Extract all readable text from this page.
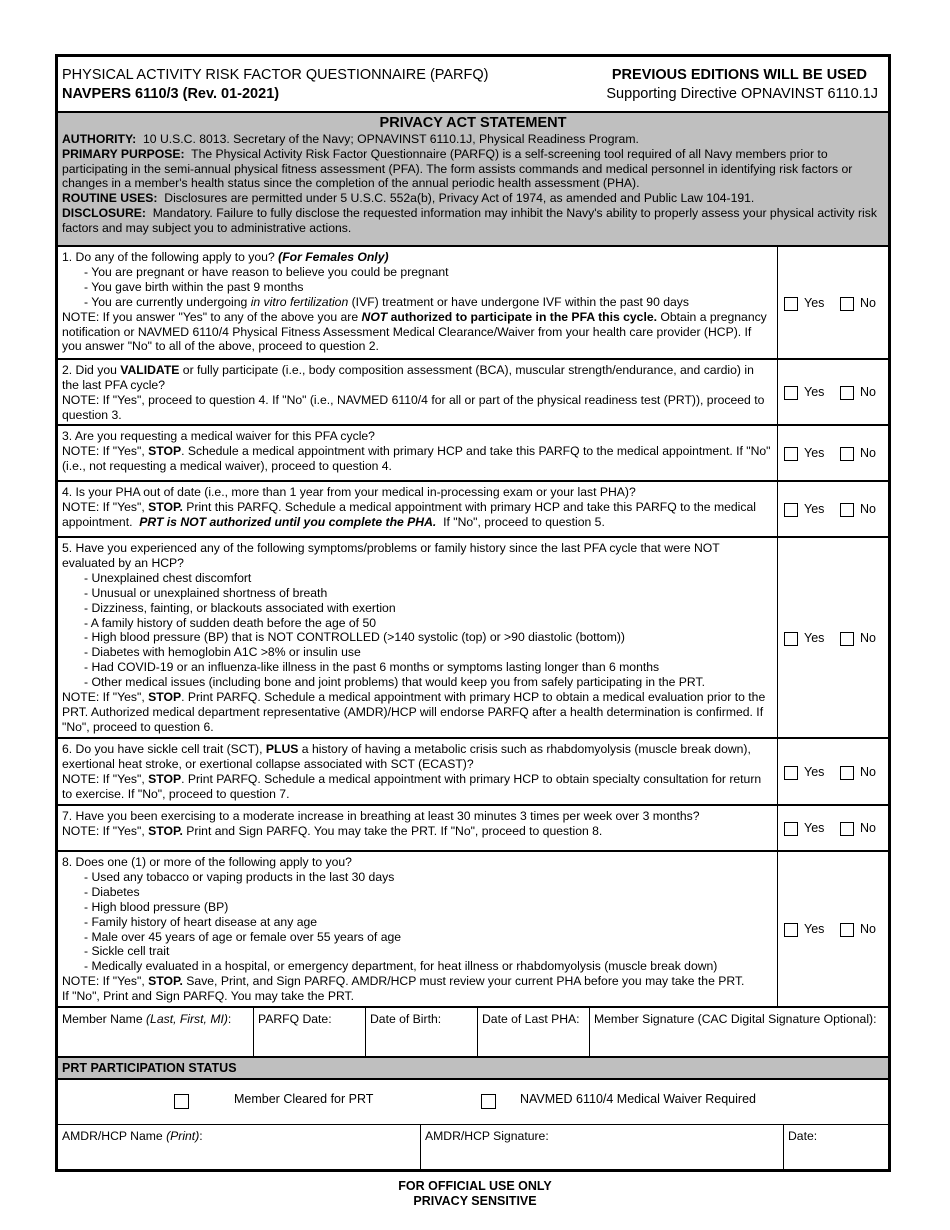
PHYSICAL ACTIVITY RISK FACTOR QUESTIONNAIRE (PARFQ)
NAVPERS 6110/3 (Rev. 01-2021)
PREVIOUS EDITIONS WILL BE USED
Supporting Directive OPNAVINST 6110.1J
PRIVACY ACT STATEMENT

AUTHORITY: 10 U.S.C. 8013. Secretary of the Navy; OPNAVINST 6110.1J, Physical Readiness Program.

PRIMARY PURPOSE: The Physical Activity Risk Factor Questionnaire (PARFQ) is a self-screening tool required of all Navy members prior to participating in the semi-annual physical fitness assessment (PFA). The form assists commands and medical personnel in identifying risk factors or changes in a member's health status since the completion of the annual periodic health assessment (PHA).

ROUTINE USES: Disclosures are permitted under 5 U.S.C. 552a(b), Privacy Act of 1974, as amended and Public Law 104-191.

DISCLOSURE: Mandatory. Failure to fully disclose the requested information may inhibit the Navy's ability to properly assess your physical activity risk factors and may subject you to administrative actions.

1. Do any of the following apply to you? (For Females Only)

- You are pregnant or have reason to believe you could be pregnant

- You gave birth within the past 9 months

- You are currently undergoing in vitro fertilization (IVF) treatment or have undergone IVF within the past 90 days

NOTE: If you answer "Yes" to any of the above you are NOT authorized to participate in the PFA this cycle. Obtain a pregnancy notification or NAVMED 6110/4 Physical Fitness Assessment Medical Clearance/Waiver from your health care provider (HCP). If you answer "No" to all of the above, proceed to question 2.

Yes	No

2. Did you VALIDATE or fully participate (i.e., body composition assessment (BCA), muscular strength/endurance, and cardio) in the last PFA cycle?

NOTE: If "Yes", proceed to question 4. If "No" (i.e., NAVMED 6110/4 for all or part of the physical readiness test (PRT)), proceed to question 3.

Yes	No

3. Are you requesting a medical waiver for this PFA cycle?

NOTE: If "Yes", STOP. Schedule a medical appointment with primary HCP and take this PARFQ to the medical appointment. If "No" (i.e., not requesting a medical waiver), proceed to question 4.

Yes	No

4. Is your PHA out of date (i.e., more than 1 year from your medical in-processing exam or your last PHA)?

NOTE: If "Yes", STOP. Print this PARFQ. Schedule a medical appointment with primary HCP and take this PARFQ to the medical appointment. PRT is NOT authorized until you complete the PHA. If "No", proceed to question 5.

Yes	No

5. Have you experienced any of the following symptoms/problems or family history since the last PFA cycle that were NOT evaluated by an HCP?

- Unexplained chest discomfort

- Unusual or unexplained shortness of breath

- Dizziness, fainting, or blackouts associated with exertion

- A family history of sudden death before the age of 50

- High blood pressure (BP) that is NOT CONTROLLED (>140 systolic (top) or >90 diastolic (bottom))

- Diabetes with hemoglobin A1C >8% or insulin use

- Had COVID-19 or an influenza-like illness in the past 6 months or symptoms lasting longer than 6 months

- Other medical issues (including bone and joint problems) that would keep you from safely participating in the PRT.

NOTE: If "Yes", STOP. Print PARFQ. Schedule a medical appointment with primary HCP to obtain a medical evaluation prior to the PRT. Authorized medical department representative (AMDR)/HCP will endorse PARFQ after a health determination is confirmed. If "No", proceed to question 6.

Yes	No

6. Do you have sickle cell trait (SCT), PLUS a history of having a metabolic crisis such as rhabdomyolysis (muscle break down), exertional heat stroke, or exertional collapse associated with SCT (ECAST)?

NOTE: If "Yes", STOP. Print PARFQ. Schedule a medical appointment with primary HCP to obtain specialty consultation for return to exercise. If "No", proceed to question 7.

Yes	No

7. Have you been exercising to a moderate increase in breathing at least 30 minutes 3 times per week over 3 months?

NOTE: If "Yes", STOP. Print and Sign PARFQ. You may take the PRT. If "No", proceed to question 8.	Yes	No

8. Does one (1) or more of the following apply to you?

- Used any tobacco or vaping products in the last 30 days

- Diabetes

- High blood pressure (BP)

- Family history of heart disease at any age

- Male over 45 years of age or female over 55 years of age

- Sickle cell trait

- Medically evaluated in a hospital, or emergency department, for heat illness or rhabdomyolysis (muscle break down)

NOTE: If "Yes", STOP. Save, Print, and Sign PARFQ. AMDR/HCP must review your current PHA before you may take the PRT.

If "No", Print and Sign PARFQ. You may take the PRT.

Yes	No
Member Name (Last, First, MI):	PARFQ Date:	Date of Birth:	Date of Last PHA:	Member Signature (CAC Digital Signature Optional):
PRT PARTICIPATION STATUS
Member Cleared for PRT	NAVMED 6110/4 Medical Waiver Required
AMDR/HCP Name (Print):	AMDR/HCP Signature:	Date:
FOR OFFICIAL USE ONLY
PRIVACY SENSITIVE
